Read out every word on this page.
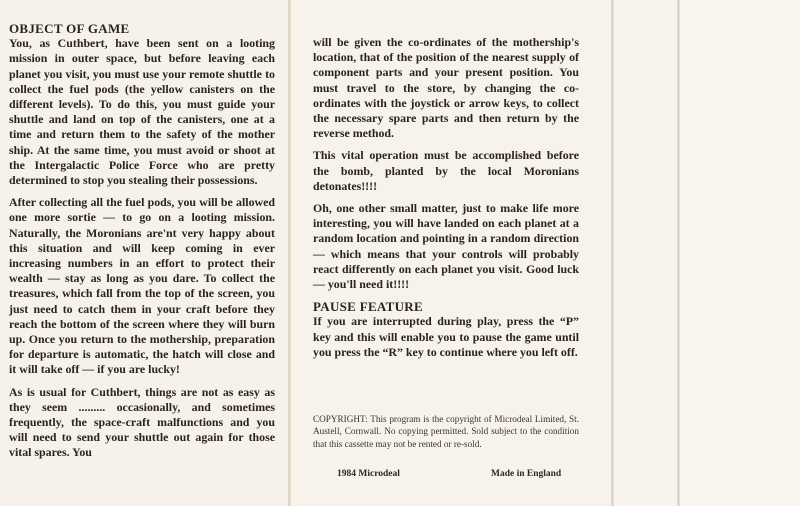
OBJECT OF GAME

You, as Cuthbert, have been sent on a looting mission in outer space, but before leaving each planet you visit, you must use your remote shuttle to collect the fuel pods (the yellow canisters on the different levels). To do this, you must guide your shuttle and land on top of the canisters, one at a time and return them to the safety of the mother ship. At the same time, you must avoid or shoot at the Intergalactic Police Force who are pretty determined to stop you stealing their possessions.

After collecting all the fuel pods, you will be allowed one more sortie — to go on a looting mission. Naturally, the Moronians are'nt very happy about this situation and will keep coming in ever increasing numbers in an effort to protect their wealth — stay as long as you dare. To collect the treasures, which fall from the top of the screen, you just need to catch them in your craft before they reach the bottom of the screen where they will burn up. Once you return to the mothership, preparation for departure is automatic, the hatch will close and it will take off — if you are lucky!

As is usual for Cuthbert, things are not as easy as they seem ......... occasionally, and sometimes frequently, the space-craft malfunctions and you will need to send your shuttle out again for those vital spares. You

will be given the co-ordinates of the mothership's location, that of the position of the nearest supply of component parts and your present position. You must travel to the store, by changing the co-ordinates with the joystick or arrow keys, to collect the necessary spare parts and then return by the reverse method.

This vital operation must be accomplished before the bomb, planted by the local Moronians detonates!!!!

Oh, one other small matter, just to make life more interesting, you will have landed on each planet at a random location and pointing in a random direction — which means that your controls will probably react differently on each planet you visit. Good luck — you'll need it!!!!

PAUSE FEATURE

If you are interrupted during play, press the “P” key and this will enable you to pause the game until you press the “R” key to continue where you left off.

COPYRIGHT: This program is the copyright of Microdeal Limited, St. Austell, Cornwall. No copying permitted. Sold subject to the condition that this cassette may not be rented or re-sold.
1984 Microdeal	Made in England
